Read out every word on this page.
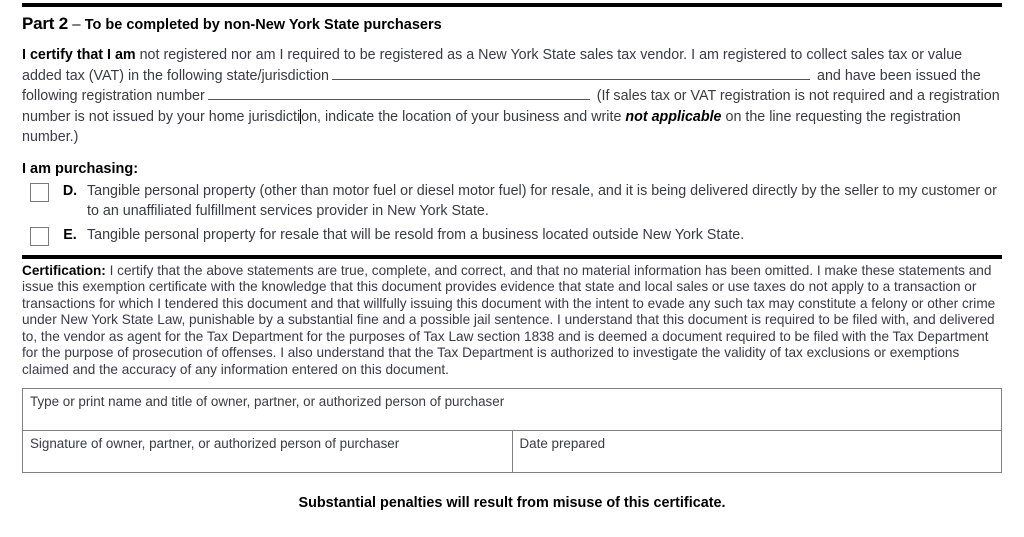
Part 2 – To be completed by non-New York State purchasers
I certify that I am not registered nor am I required to be registered as a New York State sales tax vendor. I am registered to collect sales tax or value added tax (VAT) in the following state/jurisdiction	and have been issued the following registration number	(If sales tax or VAT registration is not required and a registration number is not issued by your home jurisdiction, indicate the location of your business and write not applicable on the line requesting the registration number.)
I am purchasing:
D. Tangible personal property (other than motor fuel or diesel motor fuel) for resale, and it is being delivered directly by the seller to my customer or to an unaffiliated fulfillment services provider in New York State.
E. Tangible personal property for resale that will be resold from a business located outside New York State.
Certification: I certify that the above statements are true, complete, and correct, and that no material information has been omitted. I make these statements and issue this exemption certificate with the knowledge that this document provides evidence that state and local sales or use taxes do not apply to a transaction or transactions for which I tendered this document and that willfully issuing this document with the intent to evade any such tax may constitute a felony or other crime under New York State Law, punishable by a substantial fine and a possible jail sentence. I understand that this document is required to be filed with, and delivered to, the vendor as agent for the Tax Department for the purposes of Tax Law section 1838 and is deemed a document required to be filed with the Tax Department for the purpose of prosecution of offenses. I also understand that the Tax Department is authorized to investigate the validity of tax exclusions or exemptions claimed and the accuracy of any information entered on this document.
Type or print name and title of owner, partner, or authorized person of purchaser
Signature of owner, partner, or authorized person of purchaser	Date prepared
Substantial penalties will result from misuse of this certificate.
